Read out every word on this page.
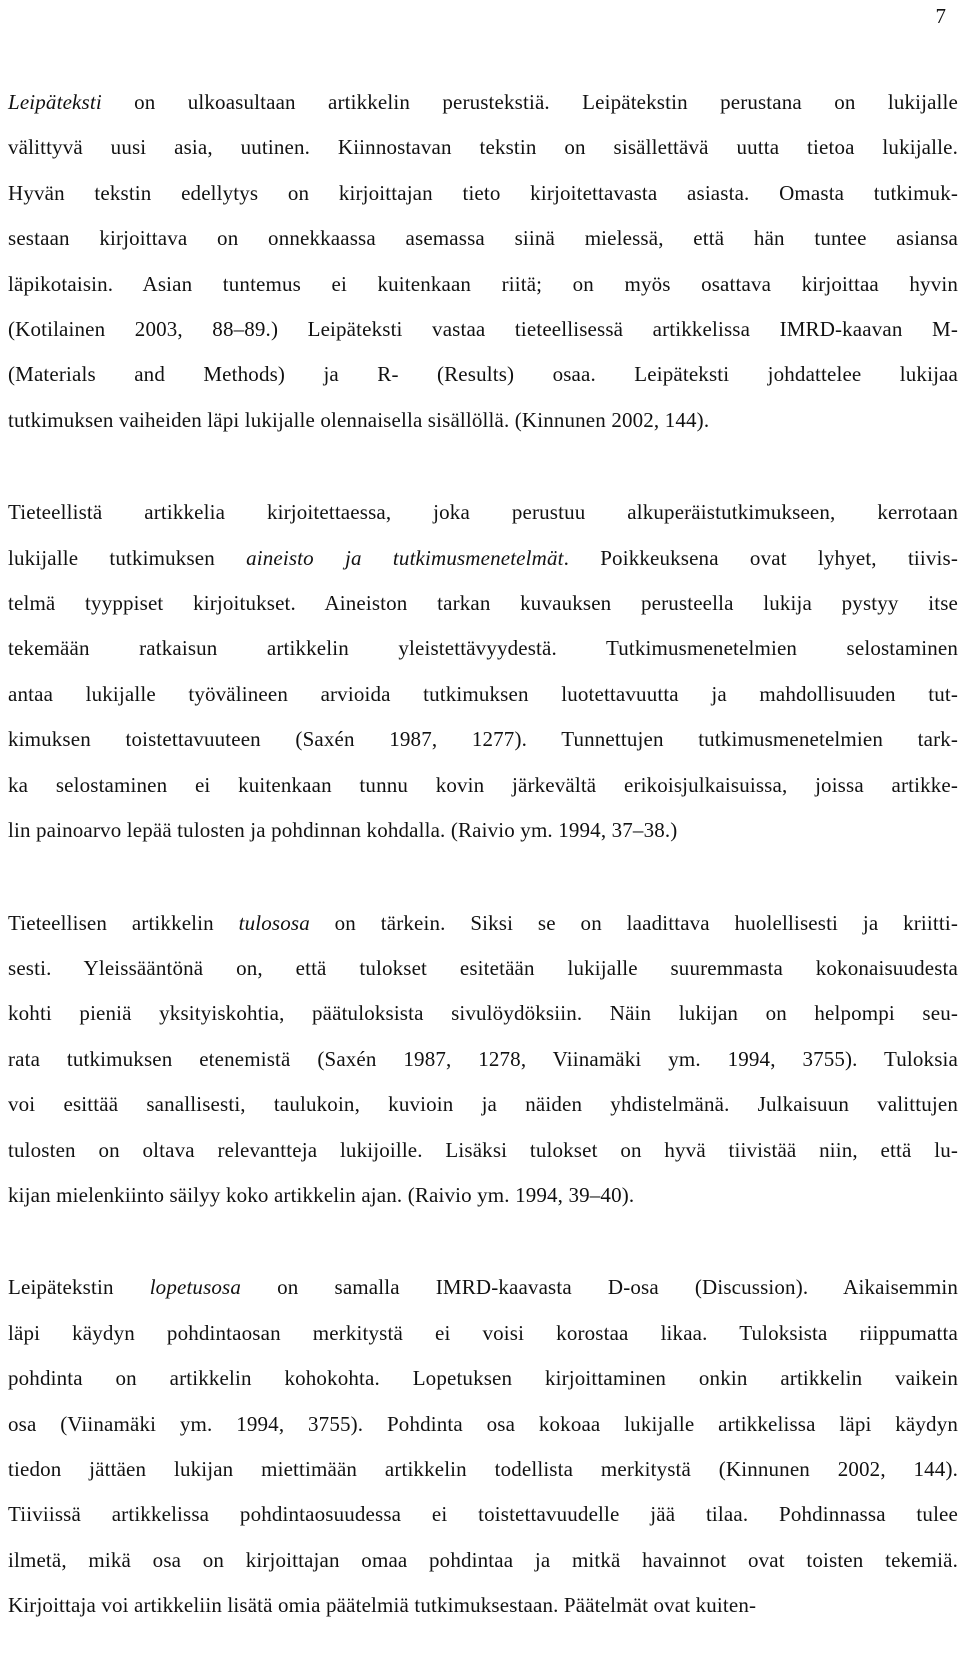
7

Leipäteksti on ulkoasultaan artikkelin perustekstiä. Leipätekstin perustana on lukijalle
välittyvä uusi asia, uutinen. Kiinnostavan tekstin on sisällettävä uutta tietoa lukijalle.
Hyvän tekstin edellytys on kirjoittajan tieto kirjoitettavasta asiasta. Omasta tutkimuk-
sestaan kirjoittava on onnekkaassa asemassa siinä mielessä, että hän tuntee asiansa
läpikotaisin. Asian tuntemus ei kuitenkaan riitä; on myös osattava kirjoittaa hyvin
(Kotilainen 2003, 88–89.) Leipäteksti vastaa tieteellisessä artikkelissa IMRD-kaavan M-
(Materials and Methods) ja R- (Results) osaa. Leipäteksti johdattelee lukijaa
tutkimuksen vaiheiden läpi lukijalle olennaisella sisällöllä. (Kinnunen 2002, 144).

Tieteellistä artikkelia kirjoitettaessa, joka perustuu alkuperäistutkimukseen, kerrotaan
lukijalle tutkimuksen aineisto ja tutkimusmenetelmät. Poikkeuksena ovat lyhyet, tiivis-
telmä tyyppiset kirjoitukset. Aineiston tarkan kuvauksen perusteella lukija pystyy itse
tekemään ratkaisun artikkelin yleistettävyydestä. Tutkimusmenetelmien selostaminen
antaa lukijalle työvälineen arvioida tutkimuksen luotettavuutta ja mahdollisuuden tut-
kimuksen toistettavuuteen (Saxén 1987, 1277). Tunnettujen tutkimusmenetelmien tark-
ka selostaminen ei kuitenkaan tunnu kovin järkevältä erikoisjulkaisuissa, joissa artikke-
lin painoarvo lepää tulosten ja pohdinnan kohdalla. (Raivio ym. 1994, 37–38.)

Tieteellisen artikkelin tulososa on tärkein. Siksi se on laadittava huolellisesti ja kriitti-
sesti. Yleissääntönä on, että tulokset esitetään lukijalle suuremmasta kokonaisuudesta
kohti pieniä yksityiskohtia, päätuloksista sivulöydöksiin. Näin lukijan on helpompi seu-
rata tutkimuksen etenemistä (Saxén 1987, 1278, Viinamäki ym. 1994, 3755). Tuloksia
voi esittää sanallisesti, taulukoin, kuvioin ja näiden yhdistelmänä. Julkaisuun valittujen
tulosten on oltava relevantteja lukijoille. Lisäksi tulokset on hyvä tiivistää niin, että lu-
kijan mielenkiinto säilyy koko artikkelin ajan. (Raivio ym. 1994, 39–40).

Leipätekstin lopetusosa on samalla IMRD-kaavasta D-osa (Discussion). Aikaisemmin
läpi käydyn pohdintaosan merkitystä ei voisi korostaa likaa. Tuloksista riippumatta
pohdinta on artikkelin kohokohta. Lopetuksen kirjoittaminen onkin artikkelin vaikein
osa (Viinamäki ym. 1994, 3755). Pohdinta osa kokoaa lukijalle artikkelissa läpi käydyn
tiedon jättäen lukijan miettimään artikkelin todellista merkitystä (Kinnunen 2002, 144).
Tiiviissä artikkelissa pohdintaosuudessa ei toistettavuudelle jää tilaa. Pohdinnassa tulee
ilmetä, mikä osa on kirjoittajan omaa pohdintaa ja mitkä havainnot ovat toisten tekemiä.
Kirjoittaja voi artikkeliin lisätä omia päätelmiä tutkimuksestaan. Päätelmät ovat kuiten-
